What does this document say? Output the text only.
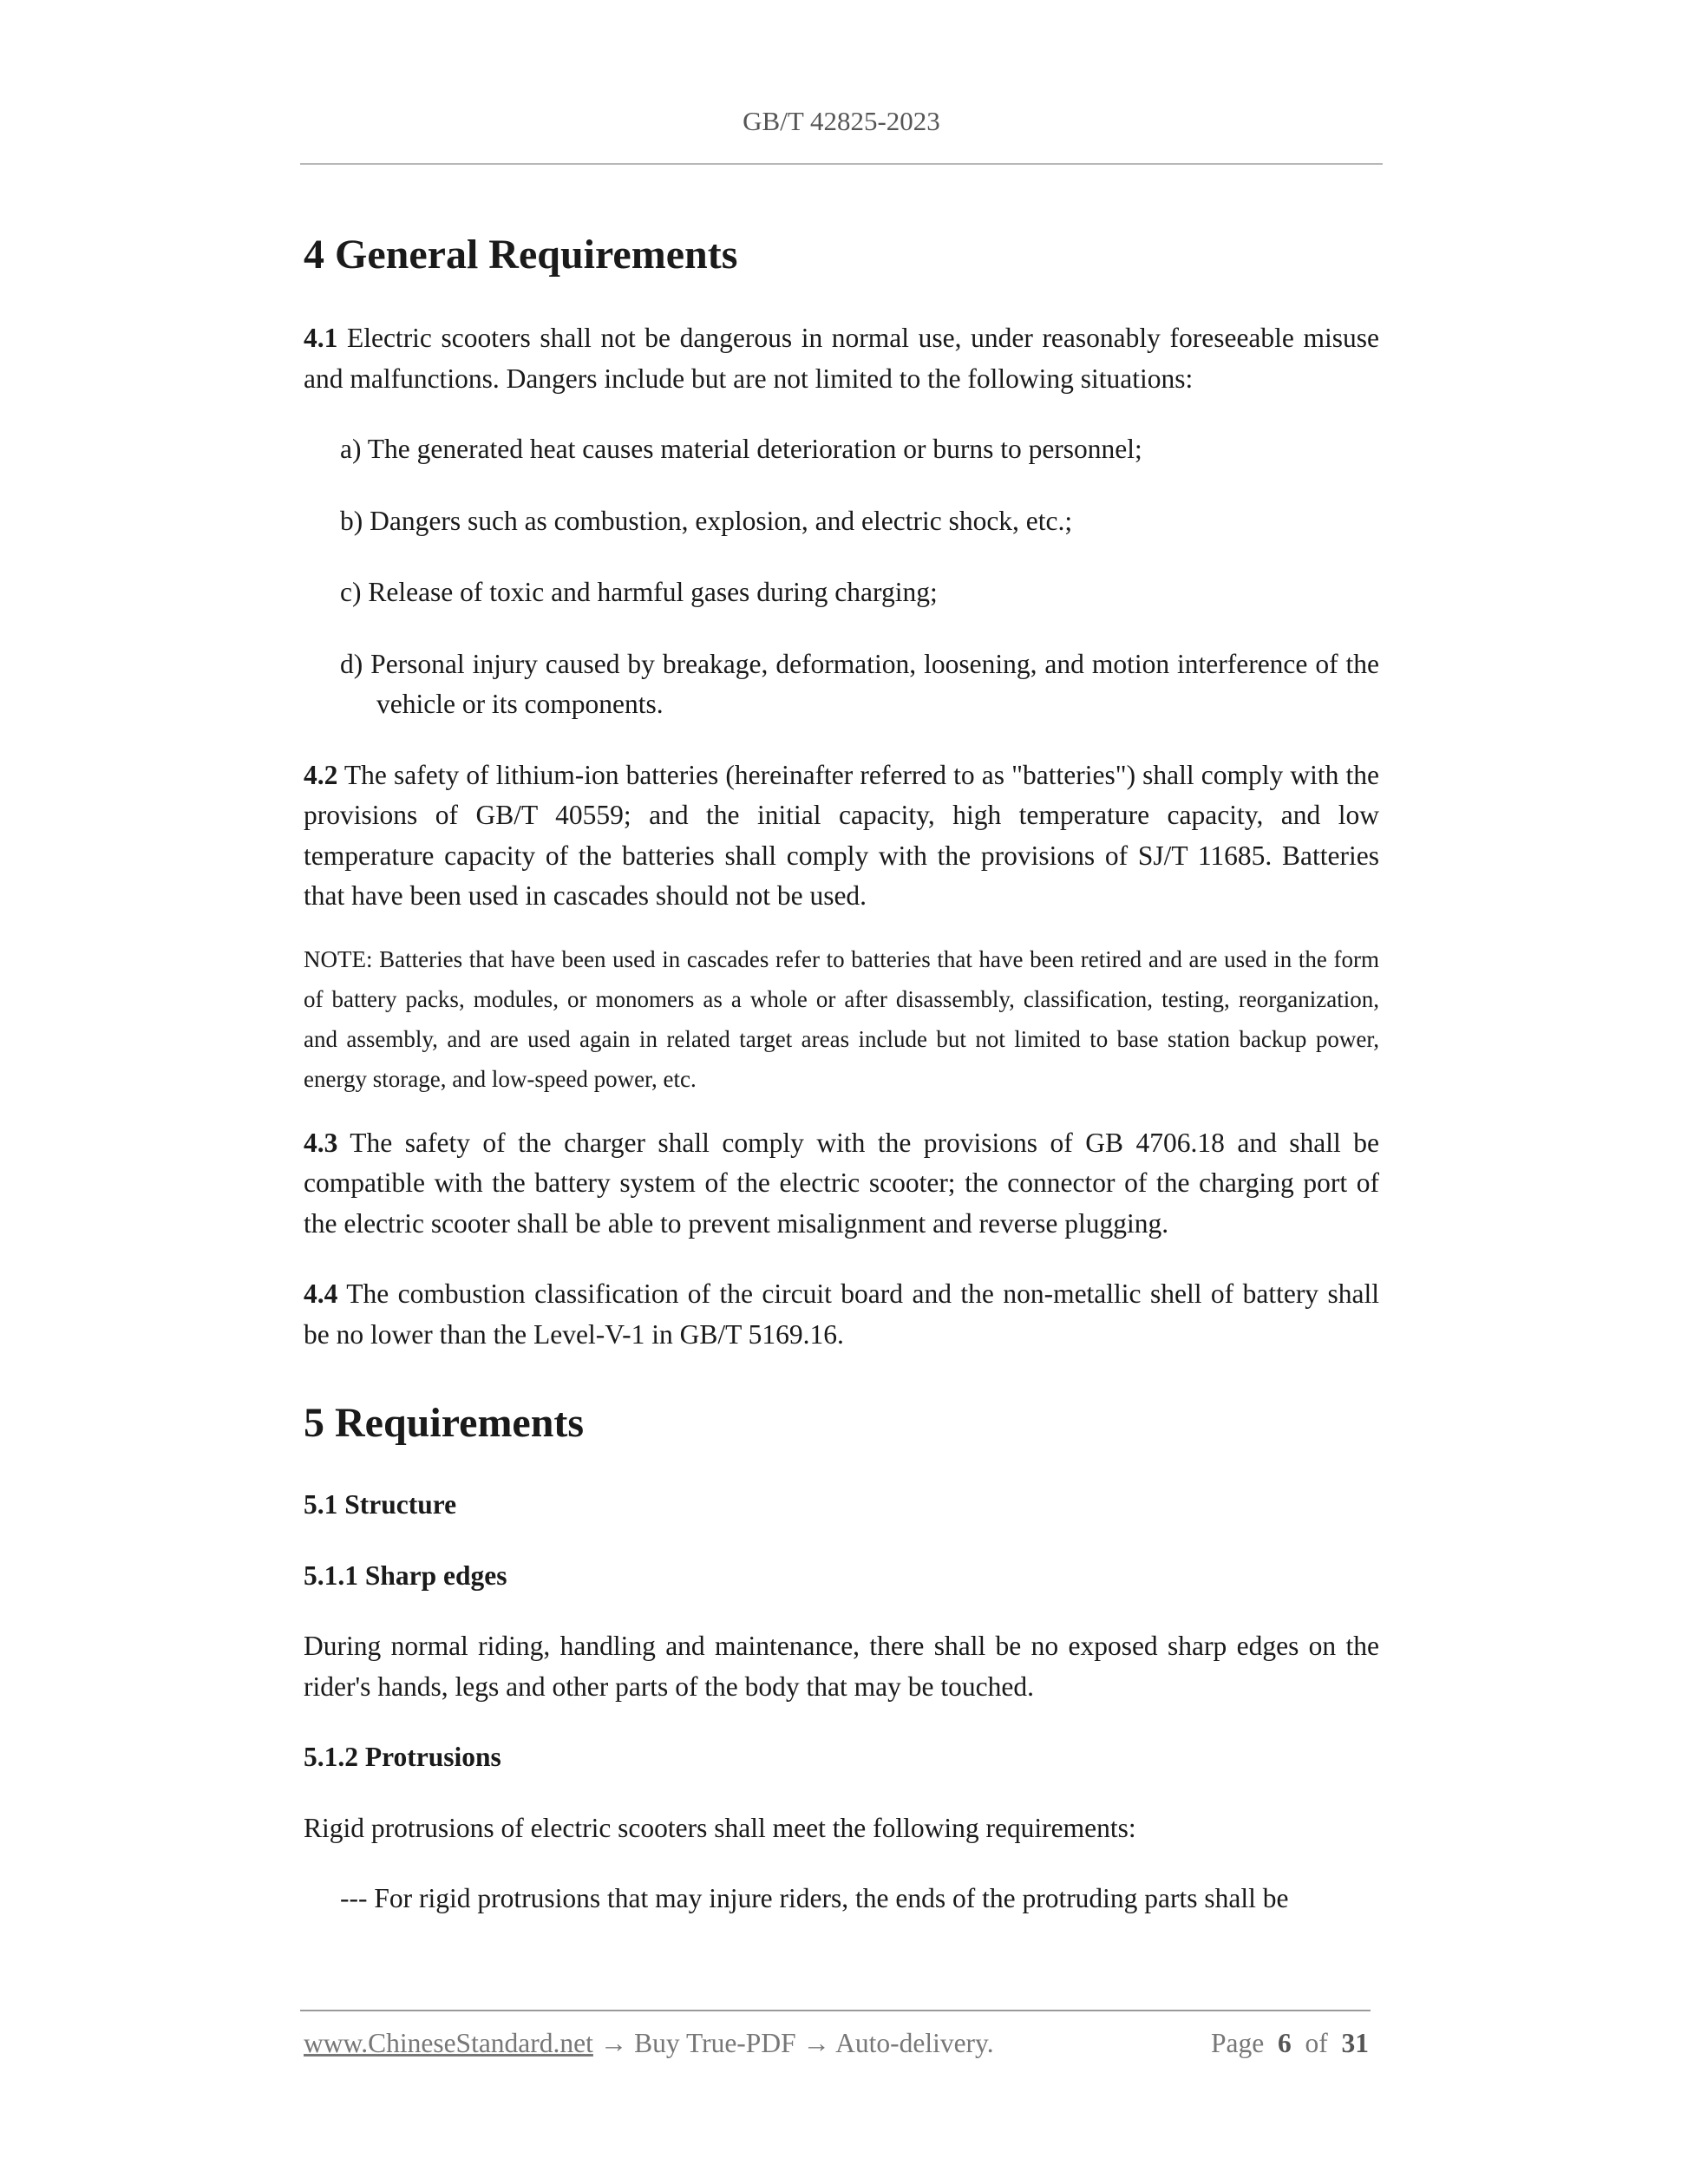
GB/T 42825-2023
4 General Requirements

4.1 Electric scooters shall not be dangerous in normal use, under reasonably foreseeable misuse and malfunctions. Dangers include but are not limited to the following situations:

a) The generated heat causes material deterioration or burns to personnel;

b) Dangers such as combustion, explosion, and electric shock, etc.;

c) Release of toxic and harmful gases during charging;

d) Personal injury caused by breakage, deformation, loosening, and motion interference of the vehicle or its components.

4.2 The safety of lithium-ion batteries (hereinafter referred to as "batteries") shall comply with the provisions of GB/T 40559; and the initial capacity, high temperature capacity, and low temperature capacity of the batteries shall comply with the provisions of SJ/T 11685. Batteries that have been used in cascades should not be used.

NOTE: Batteries that have been used in cascades refer to batteries that have been retired and are used in the form of battery packs, modules, or monomers as a whole or after disassembly, classification, testing, reorganization, and assembly, and are used again in related target areas include but not limited to base station backup power, energy storage, and low-speed power, etc.

4.3 The safety of the charger shall comply with the provisions of GB 4706.18 and shall be compatible with the battery system of the electric scooter; the connector of the charging port of the electric scooter shall be able to prevent misalignment and reverse plugging.

4.4 The combustion classification of the circuit board and the non-metallic shell of battery shall be no lower than the Level-V-1 in GB/T 5169.16.

5 Requirements
5.1 Structure
5.1.1 Sharp edges

During normal riding, handling and maintenance, there shall be no exposed sharp edges on the rider's hands, legs and other parts of the body that may be touched.

5.1.2 Protrusions

Rigid protrusions of electric scooters shall meet the following requirements:

--- For rigid protrusions that may injure riders, the ends of the protruding parts shall be

www.ChineseStandard.net → Buy True-PDF → Auto-delivery.	Page 6 of 31
